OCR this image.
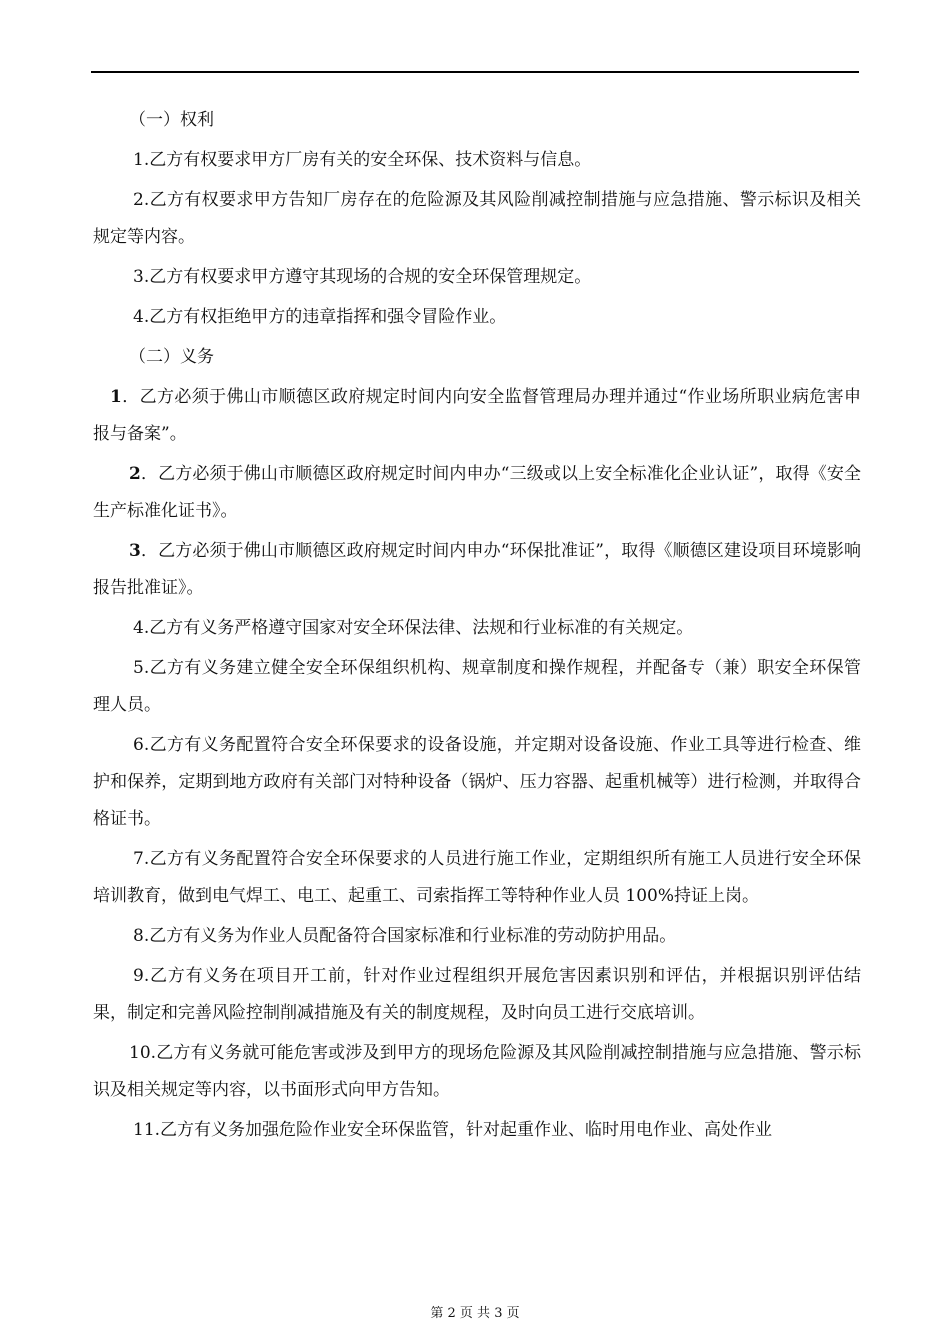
（一）权利

1.乙方有权要求甲方厂房有关的安全环保、技术资料与信息。

2.乙方有权要求甲方告知厂房存在的危险源及其风险削减控制措施与应急措施、警示标识及相关规定等内容。

3.乙方有权要求甲方遵守其现场的合规的安全环保管理规定。

4.乙方有权拒绝甲方的违章指挥和强令冒险作业。

（二）义务

1．乙方必须于佛山市顺德区政府规定时间内向安全监督管理局办理并通过“作业场所职业病危害申报与备案”。

2．乙方必须于佛山市顺德区政府规定时间内申办“三级或以上安全标准化企业认证”，取得《安全生产标准化证书》。

3．乙方必须于佛山市顺德区政府规定时间内申办“环保批准证”，取得《顺德区建设项目环境影响报告批准证》。

4.乙方有义务严格遵守国家对安全环保法律、法规和行业标准的有关规定。

5.乙方有义务建立健全安全环保组织机构、规章制度和操作规程，并配备专（兼）职安全环保管理人员。

6.乙方有义务配置符合安全环保要求的设备设施，并定期对设备设施、作业工具等进行检查、维护和保养，定期到地方政府有关部门对特种设备（锅炉、压力容器、起重机械等）进行检测，并取得合格证书。

7.乙方有义务配置符合安全环保要求的人员进行施工作业，定期组织所有施工人员进行安全环保培训教育，做到电气焊工、电工、起重工、司索指挥工等特种作业人员 100%持证上岗。

8.乙方有义务为作业人员配备符合国家标准和行业标准的劳动防护用品。

9.乙方有义务在项目开工前，针对作业过程组织开展危害因素识别和评估，并根据识别评估结果，制定和完善风险控制削减措施及有关的制度规程，及时向员工进行交底培训。

10.乙方有义务就可能危害或涉及到甲方的现场危险源及其风险削减控制措施与应急措施、警示标识及相关规定等内容，以书面形式向甲方告知。

11.乙方有义务加强危险作业安全环保监管，针对起重作业、临时用电作业、高处作业

第 2 页 共 3 页
